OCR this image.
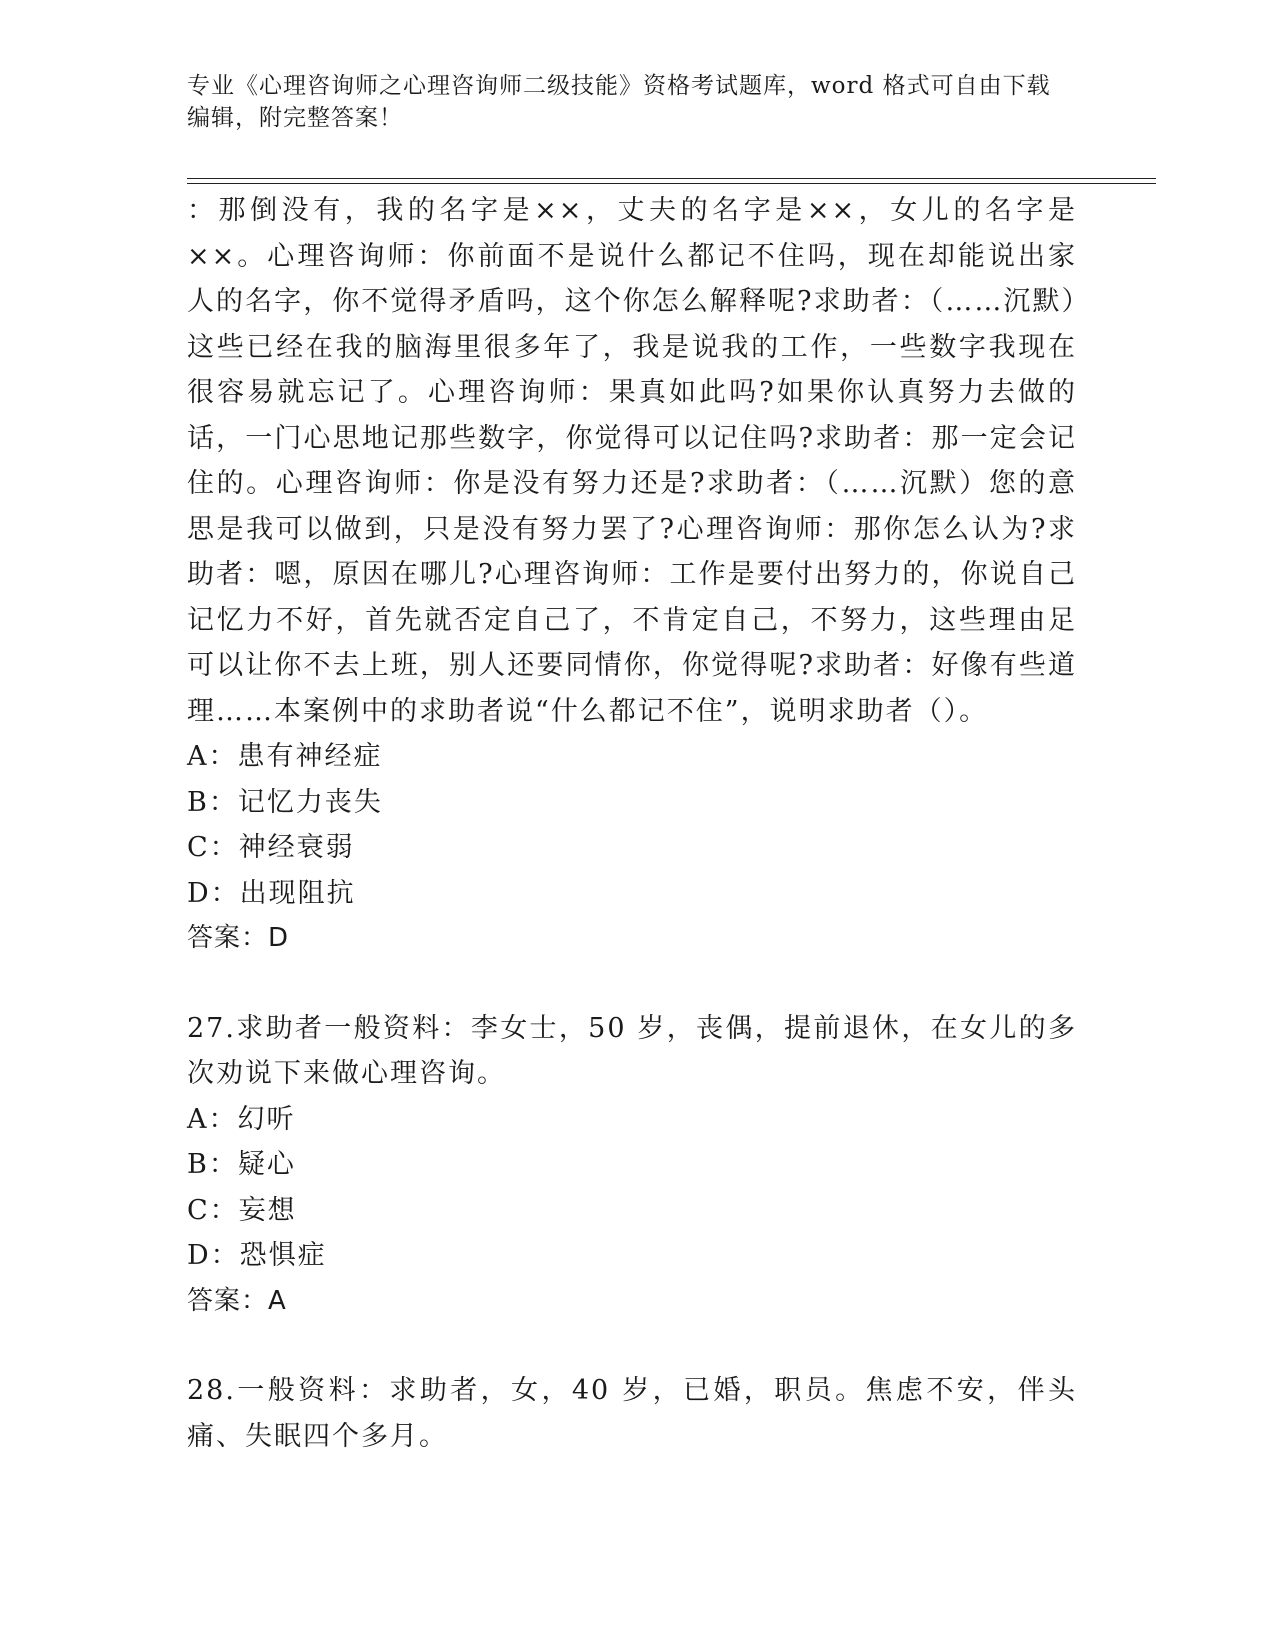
专业《心理咨询师之心理咨询师二级技能》资格考试题库，word 格式可自由下载
编辑，附完整答案！

：那倒没有，我的名字是××，丈夫的名字是××，女儿的名字是××。心理咨询师：你前面不是说什么都记不住吗，现在却能说出家人的名字，你不觉得矛盾吗，这个你怎么解释呢?求助者：（……沉默）这些已经在我的脑海里很多年了，我是说我的工作，一些数字我现在很容易就忘记了。心理咨询师：果真如此吗?如果你认真努力去做的话，一门心思地记那些数字，你觉得可以记住吗?求助者：那一定会记住的。心理咨询师：你是没有努力还是?求助者：（……沉默）您的意思是我可以做到，只是没有努力罢了?心理咨询师：那你怎么认为?求助者：嗯，原因在哪儿?心理咨询师：工作是要付出努力的，你说自己记忆力不好，首先就否定自己了，不肯定自己，不努力，这些理由足可以让你不去上班，别人还要同情你，你觉得呢?求助者：好像有些道理……本案例中的求助者说“什么都记不住”，说明求助者（）。

A：患有神经症
B：记忆力丧失
C：神经衰弱
D：出现阻抗
答案：D

27.求助者一般资料：李女士，50 岁，丧偶，提前退休，在女儿的多次劝说下来做心理咨询。

A：幻听
B：疑心
C：妄想
D：恐惧症
答案：A

28.一般资料：求助者，女，40 岁，已婚，职员。焦虑不安，伴头痛、失眠四个多月。
